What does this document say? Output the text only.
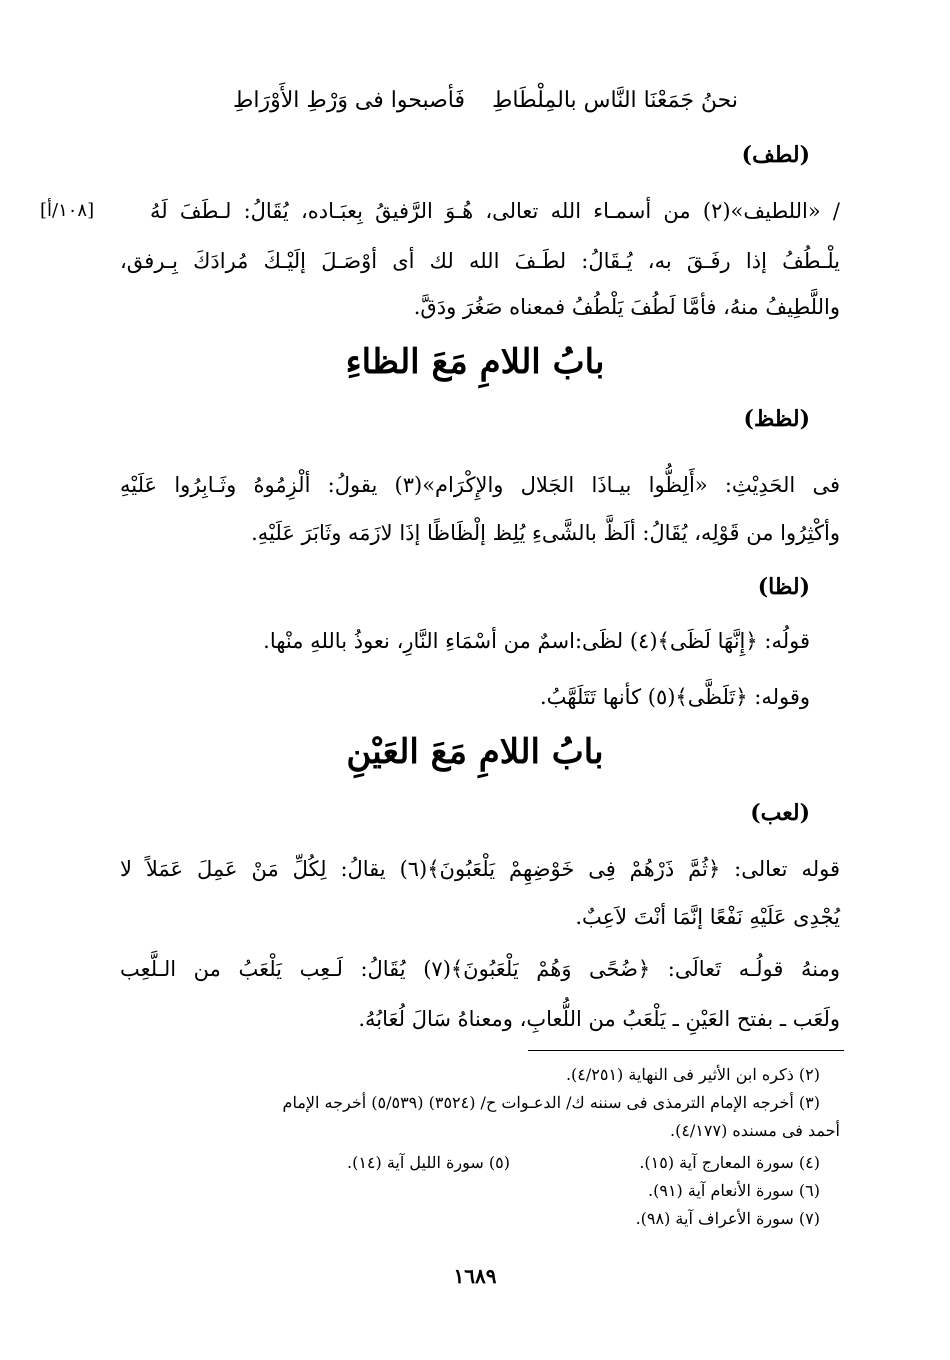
نحنُ جَمَعْنَا النَّاس بالمِلْطَاطِ
فَأصبحوا فى وَرْطِ الأَوْرَاطِ
(لطف)
[١٠٨/أ]	/ «اللطيف»(٢) من أسمـاء الله تعالى، هُـوَ الرَّفيقُ بِعبَـاده، يُقَالُ: لـطَفَ لَهُ
يلْـطُفُ إذا رفَـقَ به، يُـقَالُ: لطَـفَ الله لك أى أوْصَـلَ إلَيْـكَ مُرادَكَ بِـرفق،
واللَّطِيفُ منهُ، فأمَّا لَطُفَ يَلْطُفُ فمعناه صَغُرَ ودَقَّ.
بابُ اللامِ مَعَ الظاءِ
(لظظ)
فى الحَدِيْثِ: «أَلِظُّوا بيـاذَا الجَلال والإِكْرَام»(٣) يقولُ: ألْزِمُوهُ وثَـابِرُوا عَلَيْهِ
وأكْثِرُوا من قَوْلِه، يُقَالُ: ألَظَّ بالشَّىءِ يُلِظ إلْظَاظًا إذَا لازَمَه وثَابَرَ عَلَيْهِ.
(لظا)
قولُه: ﴿إِنَّهَا لَظَى﴾(٤) لظَى:اسمٌ من أسْمَاءِ النَّارِ، نعوذُ باللهِ منْها.
وقوله: ﴿تَلَظَّى﴾(٥) كأنها تَتَلَهَّبُ.
بابُ اللامِ مَعَ العَيْنِ
(لعب)
قوله تعالى: ﴿ثُمَّ ذَرْهُمْ فِى خَوْضِهِمْ يَلْعَبُونَ﴾(٦) يقالُ: لِكُلِّ مَنْ عَمِلَ عَمَلاً لا
يُجْدِى عَلَيْهِ نَفْعًا إنَّمَا أنْتَ لاَعِبٌ.
ومنهُ قولُـه تَعالَى: ﴿ضُحًى وَهُمْ يَلْعَبُونَ﴾(٧) يُقَالُ: لَـعِب يَلْعَبُ من الـلَّعِب
ولَعَب ـ بفتح العَيْنِ ـ يَلْعَبُ من اللُّعابِ، ومعناهُ سَالَ لُعَابُهُ.
(٢) ذكره ابن الأثير فى النهاية (٤/٢٥١).
(٣) أخرجه الإمام الترمذى فى سننه ك/ الدعـوات ح/ (٣٥٢٤) (٥/٥٣٩) أخرجه الإمام
أحمد فى مسنده (٤/١٧٧).
(٤) سورة المعارج آية (١٥).
(٥) سورة الليل آية (١٤).
(٦) سورة الأنعام آية (٩١).
(٧) سورة الأعراف آية (٩٨).
١٦٨٩
